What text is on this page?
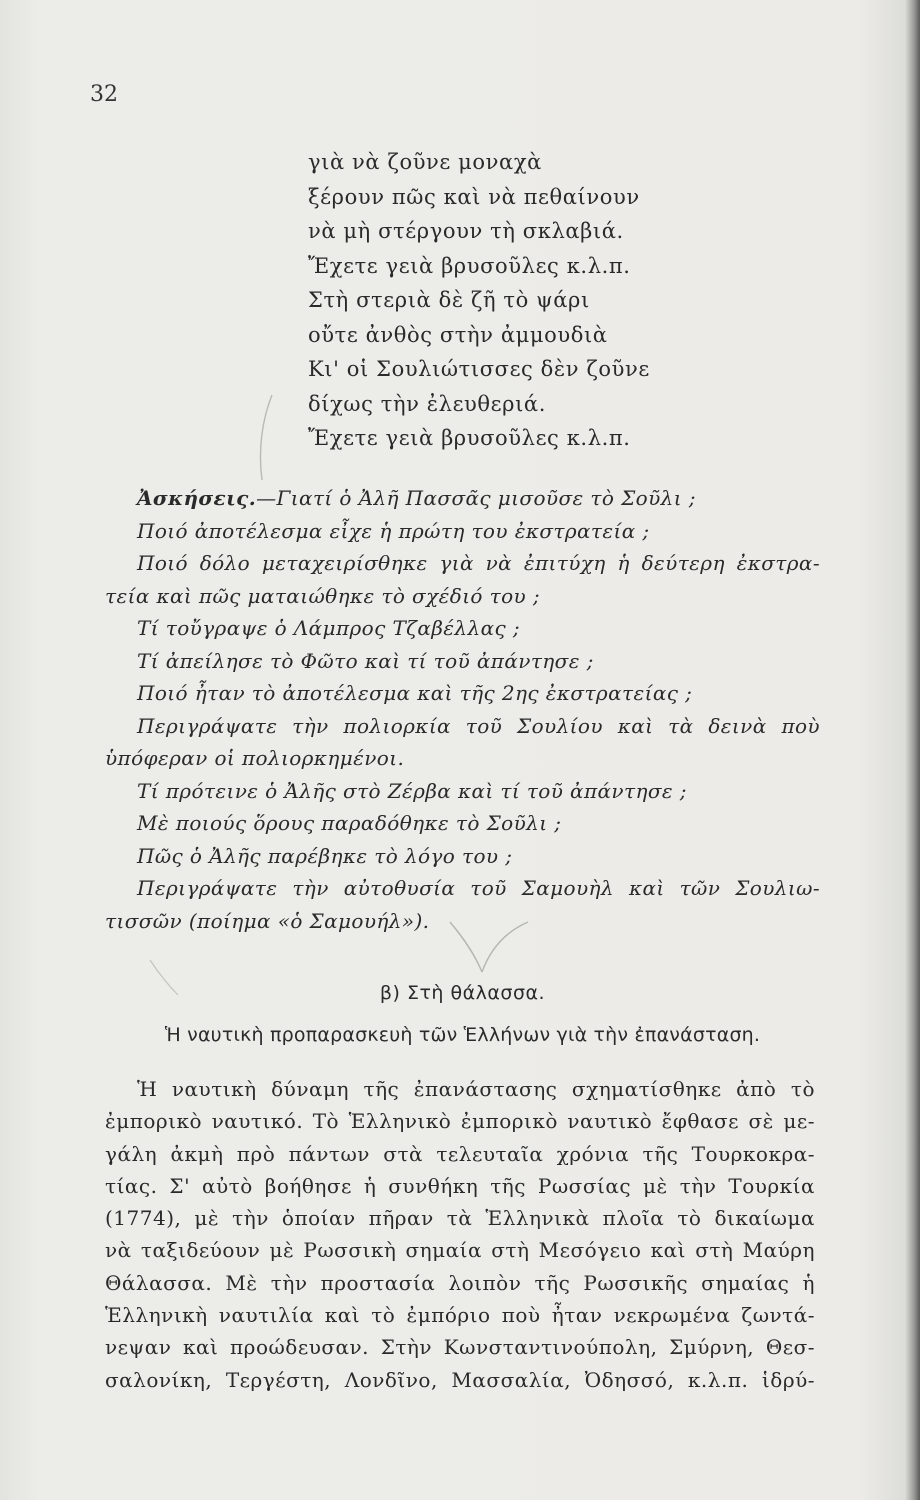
32
γιὰ νὰ ζοῦνε μοναχὰ
ξέρουν πῶς καὶ νὰ πεθαίνουν
νὰ μὴ στέργουν τὴ σκλαβιά.
Ἔχετε γειὰ βρυσοῦλες κ.λ.π.
Στὴ στεριὰ δὲ ζῆ τὸ ψάρι
οὔτε ἀνθὸς στὴν ἀμμουδιὰ
Κι' οἱ Σουλιώτισσες δὲν ζοῦνε
δίχως τὴν ἐλευθεριά.
Ἔχετε γειὰ βρυσοῦλες κ.λ.π.
Ἀσκήσεις.—Γιατί ὁ Ἀλῆ Πασσᾶς μισοῦσε τὸ Σοῦλι ;
Ποιό ἀποτέλεσμα εἶχε ἡ πρώτη του ἐκστρατεία ;
Ποιό δόλο μεταχειρίσθηκε γιὰ νὰ ἐπιτύχη ἡ δεύτερη ἐκστρα-
τεία καὶ πῶς ματαιώθηκε τὸ σχέδιό του ;
Τί τοὔγραψε ὁ Λάμπρος Τζαβέλλας ;
Τί ἀπείλησε τὸ Φῶτο καὶ τί τοῦ ἀπάντησε ;
Ποιό ἦταν τὸ ἀποτέλεσμα καὶ τῆς 2ης ἐκστρατείας ;
Περιγράψατε τὴν πολιορκία τοῦ Σουλίου καὶ τὰ δεινὰ ποὺ
ὑπόφεραν οἱ πολιορκημένοι.
Τί πρότεινε ὁ Ἀλῆς στὸ Ζέρβα καὶ τί τοῦ ἀπάντησε ;
Μὲ ποιούς ὅρους παραδόθηκε τὸ Σοῦλι ;
Πῶς ὁ Ἀλῆς παρέβηκε τὸ λόγο του ;
Περιγράψατε τὴν αὐτοθυσία τοῦ Σαμουὴλ καὶ τῶν Σουλιω-
τισσῶν (ποίημα «ὁ Σαμουήλ»).
β) Στὴ θάλασσα.
Ἡ ναυτικὴ προπαρασκευὴ τῶν Ἑλλήνων γιὰ τὴν ἐπανάσταση.
Ἡ ναυτικὴ δύναμη τῆς ἐπανάστασης σχηματίσθηκε ἀπὸ τὸ
ἐμπορικὸ ναυτικό. Τὸ Ἑλληνικὸ ἐμπορικὸ ναυτικὸ ἔφθασε σὲ με-
γάλη ἀκμὴ πρὸ πάντων στὰ τελευταῖα χρόνια τῆς Τουρκοκρα-
τίας. Σ' αὐτὸ βοήθησε ἡ συνθήκη τῆς Ρωσσίας μὲ τὴν Τουρκία
(1774), μὲ τὴν ὁποίαν πῆραν τὰ Ἑλληνικὰ πλοῖα τὸ δικαίωμα
νὰ ταξιδεύουν μὲ Ρωσσικὴ σημαία στὴ Μεσόγειο καὶ στὴ Μαύρη
Θάλασσα. Μὲ τὴν προστασία λοιπὸν τῆς Ρωσσικῆς σημαίας ἡ
Ἑλληνικὴ ναυτιλία καὶ τὸ ἐμπόριο ποὺ ἦταν νεκρωμένα ζωντά-
νεψαν καὶ προώδευσαν. Στὴν Κωνσταντινούπολη, Σμύρνη, Θεσ-
σαλονίκη, Τεργέστη, Λονδῖνο, Μασσαλία, Ὀδησσό, κ.λ.π. ἱδρύ-
